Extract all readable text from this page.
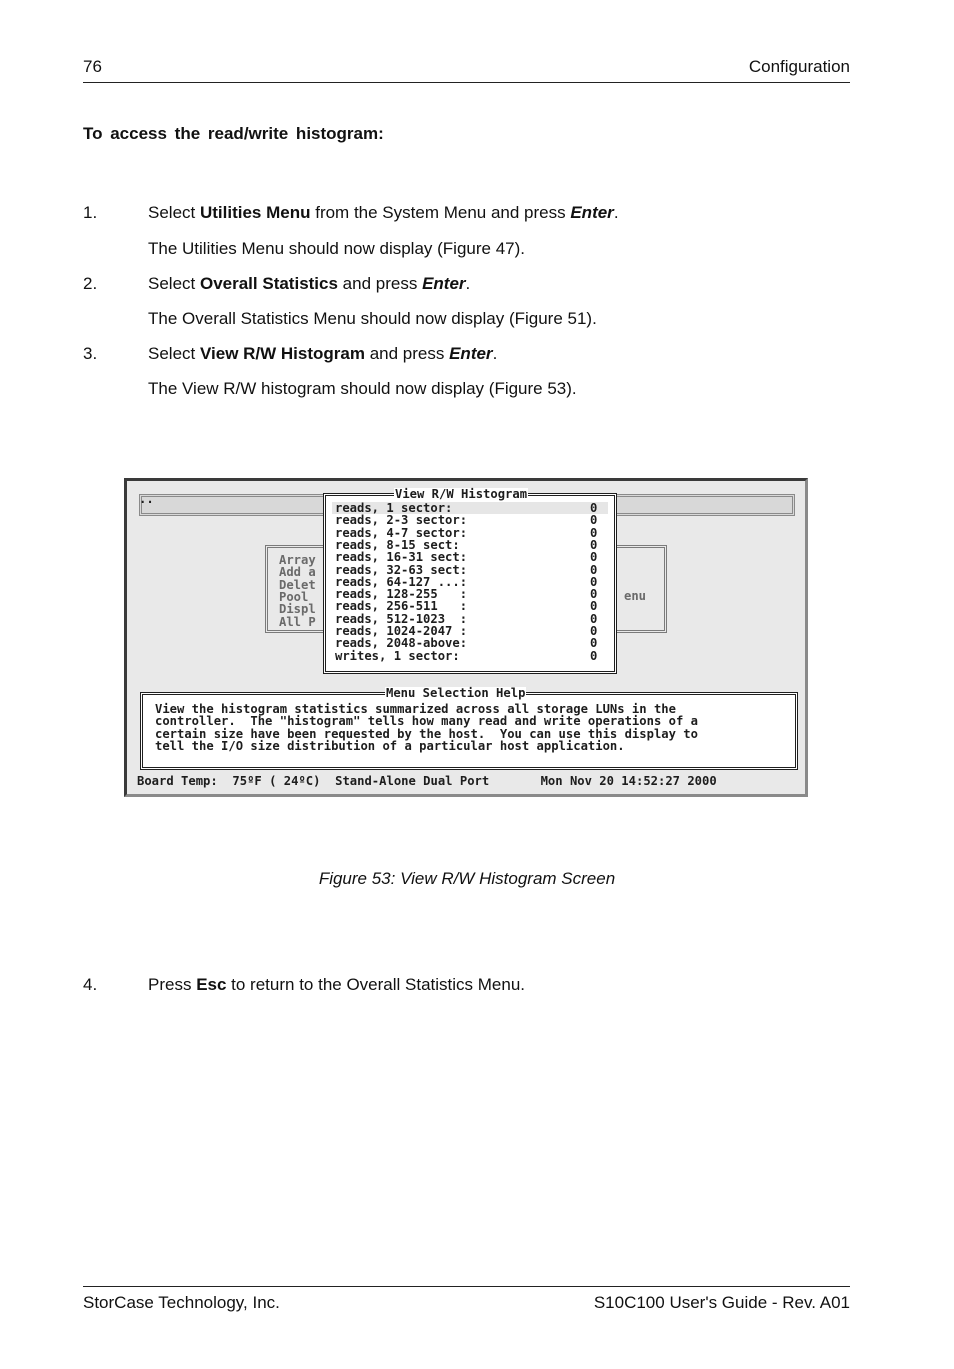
76	Configuration
To access the read/write histogram:
1.	Select Utilities Menu from the System Menu and press Enter.
The Utilities Menu should now display (Figure 47).
2.	Select Overall Statistics and press Enter.
The Overall Statistics Menu should now display (Figure 51).
3.	Select View R/W Histogram and press Enter.
The View R/W histogram should now display (Figure 53).
..
Array
Add a
Delet
Pool
Displ
All P
enu
View R/W Histogram
reads, 1 sector:	0
reads, 2-3 sector:	0
reads, 4-7 sector:	0
reads, 8-15 sect:	0
reads, 16-31 sect:	0
reads, 32-63 sect:	0
reads, 64-127 ...:	0
reads, 128-255   :	0
reads, 256-511   :	0
reads, 512-1023  :	0
reads, 1024-2047 :	0
reads, 2048-above:	0
writes, 1 sector:	0
Menu Selection Help
View the histogram statistics summarized across all storage LUNs in the
controller.  The "histogram" tells how many read and write operations of a
certain size have been requested by the host.  You can use this display to
tell the I/O size distribution of a particular host application.
Board Temp:  75ºF ( 24ºC) Stand-Alone Dual Port	Mon Nov 20 14:52:27 2000
Figure 53: View R/W Histogram Screen
4.	Press Esc to return to the Overall Statistics Menu.
StorCase Technology, Inc.	S10C100 User's Guide - Rev. A01
